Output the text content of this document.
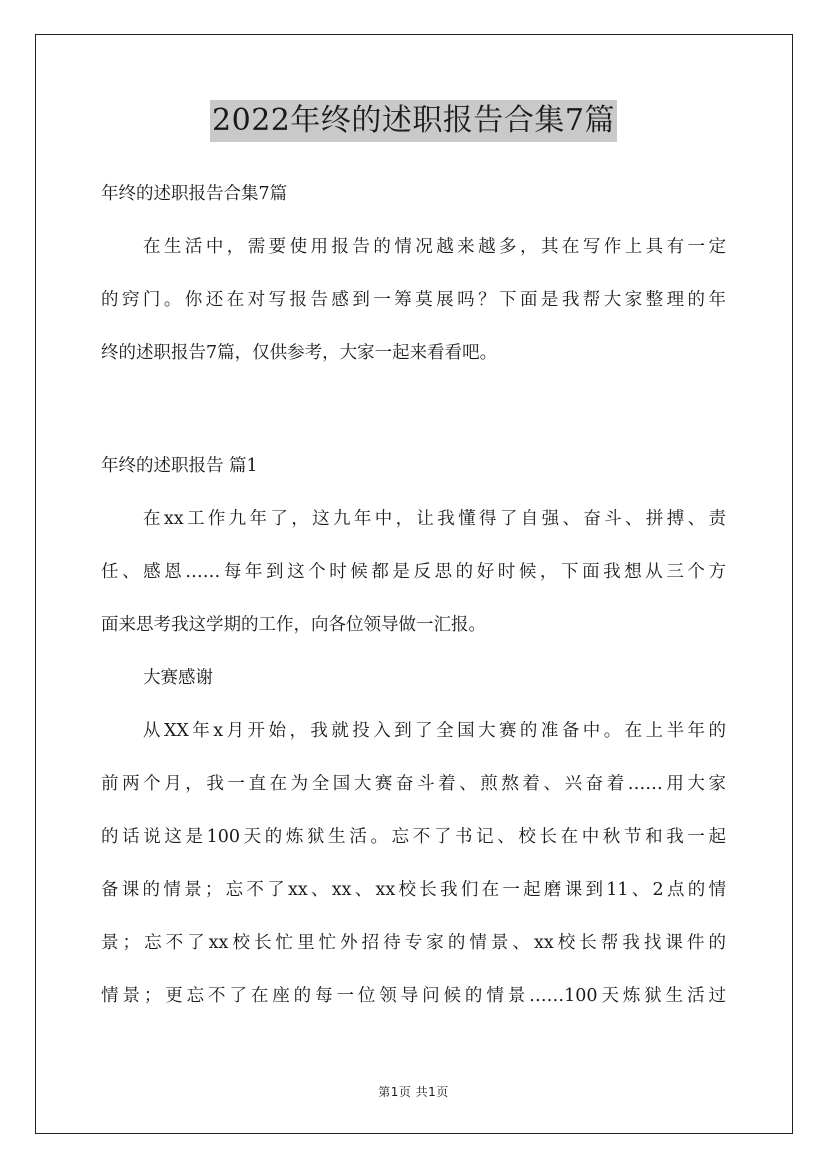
2022年终的述职报告合集7篇
年终的述职报告合集7篇
在生活中，需要使用报告的情况越来越多，其在写作上具有一定
的窍门。你还在对写报告感到一筹莫展吗？下面是我帮大家整理的年
终的述职报告7篇，仅供参考，大家一起来看看吧。
年终的述职报告 篇1
在xx工作九年了，这九年中，让我懂得了自强、奋斗、拼搏、责
任、感恩……每年到这个时候都是反思的好时候，下面我想从三个方
面来思考我这学期的工作，向各位领导做一汇报。
大赛感谢
从XX年x月开始，我就投入到了全国大赛的准备中。在上半年的
前两个月，我一直在为全国大赛奋斗着、煎熬着、兴奋着……用大家
的话说这是100天的炼狱生活。忘不了书记、校长在中秋节和我一起
备课的情景；忘不了xx、xx、xx校长我们在一起磨课到11、2点的情
景；忘不了xx校长忙里忙外招待专家的情景、xx校长帮我找课件的
情景；更忘不了在座的每一位领导问候的情景……100天炼狱生活过
第1页 共1页
